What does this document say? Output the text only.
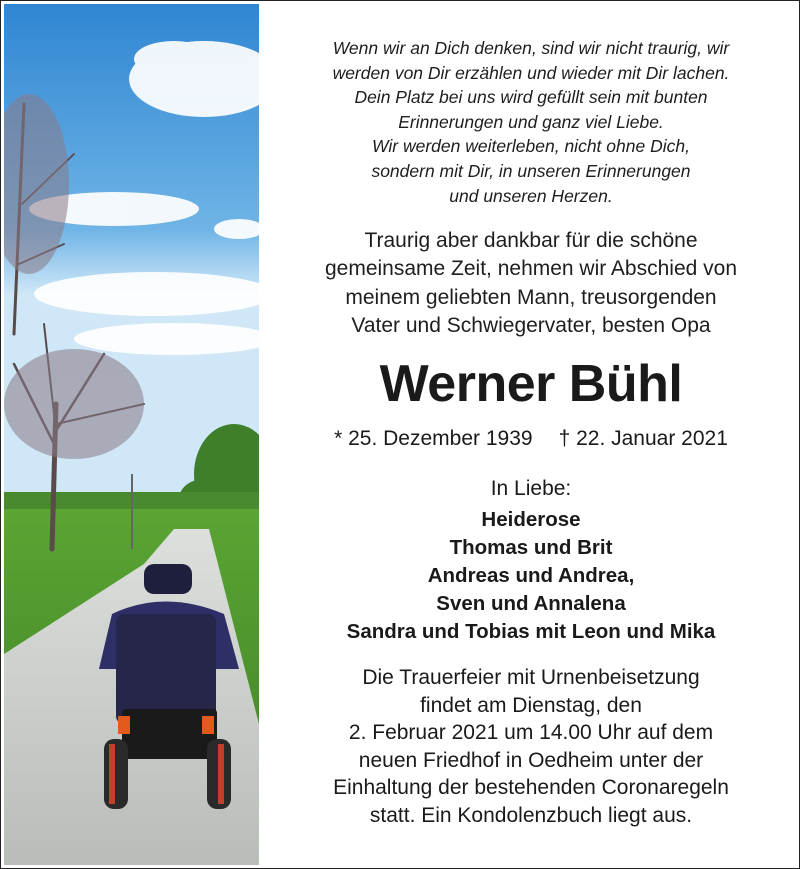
Wenn wir an Dich denken, sind wir nicht traurig, wir
werden von Dir erzählen und wieder mit Dir lachen.
Dein Platz bei uns wird gefüllt sein mit bunten
Erinnerungen und ganz viel Liebe.
Wir werden weiterleben, nicht ohne Dich,
sondern mit Dir, in unseren Erinnerungen
und unseren Herzen.
Traurig aber dankbar für die schöne
gemeinsame Zeit, nehmen wir Abschied von
meinem geliebten Mann, treusorgenden
Vater und Schwiegervater, besten Opa
Werner Bühl
* 25. Dezember 1939 † 22. Januar 2021
In Liebe:
Heiderose
Thomas und Brit
Andreas und Andrea,
Sven und Annalena
Sandra und Tobias mit Leon und Mika
Die Trauerfeier mit Urnenbeisetzung
findet am Dienstag, den
2. Februar 2021 um 14.00 Uhr auf dem
neuen Friedhof in Oedheim unter der
Einhaltung der bestehenden Coronaregeln
statt. Ein Kondolenzbuch liegt aus.
